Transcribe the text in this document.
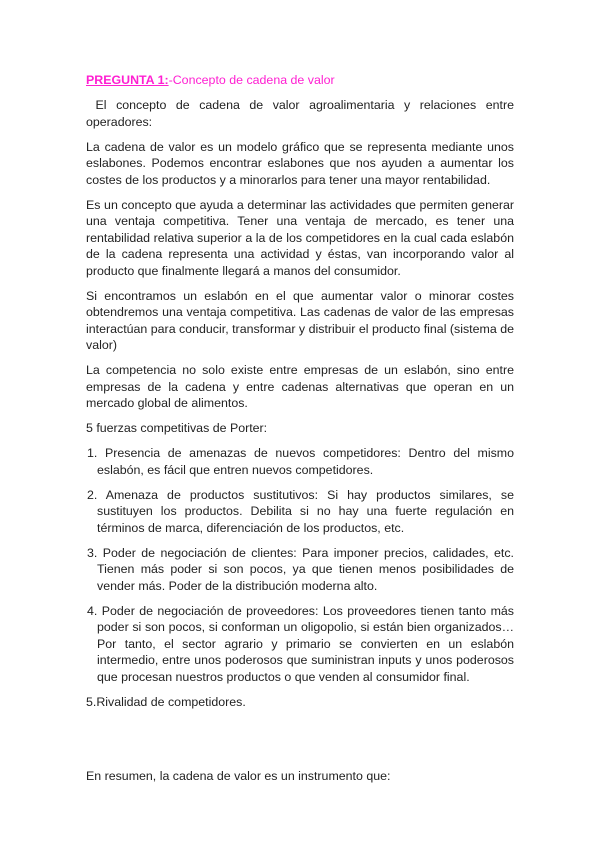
PREGUNTA 1:-Concepto de cadena de valor

El concepto de cadena de valor agroalimentaria y relaciones entre operadores:

La cadena de valor es un modelo gráfico que se representa mediante unos eslabones. Podemos encontrar eslabones que nos ayuden a aumentar los costes de los productos y a minorarlos para tener una mayor rentabilidad.

Es un concepto que ayuda a determinar las actividades que permiten generar una ventaja competitiva. Tener una ventaja de mercado, es tener una rentabilidad relativa superior a la de los competidores en la cual cada eslabón de la cadena representa una actividad y éstas, van incorporando valor al producto que finalmente llegará a manos del consumidor.

Si encontramos un eslabón en el que aumentar valor o minorar costes obtendremos una ventaja competitiva. Las cadenas de valor de las empresas interactúan para conducir, transformar y distribuir el producto final (sistema de valor)

La competencia no solo existe entre empresas de un eslabón, sino entre empresas de la cadena y entre cadenas alternativas que operan en un mercado global de alimentos.

5 fuerzas competitivas de Porter:

1. Presencia de amenazas de nuevos competidores: Dentro del mismo eslabón, es fácil que entren nuevos competidores.
2. Amenaza de productos sustitutivos: Si hay productos similares, se sustituyen los productos. Debilita si no hay una fuerte regulación en términos de marca, diferenciación de los productos, etc.
3. Poder de negociación de clientes: Para imponer precios, calidades, etc. Tienen más poder si son pocos, ya que tienen menos posibilidades de vender más. Poder de la distribución moderna alto.
4. Poder de negociación de proveedores: Los proveedores tienen tanto más poder si son pocos, si conforman un oligopolio, si están bien organizados… Por tanto, el sector agrario y primario se convierten en un eslabón intermedio, entre unos poderosos que suministran inputs y unos poderosos que procesan nuestros productos o que venden al consumidor final.
5.Rivalidad de competidores.

En resumen, la cadena de valor es un instrumento que:
